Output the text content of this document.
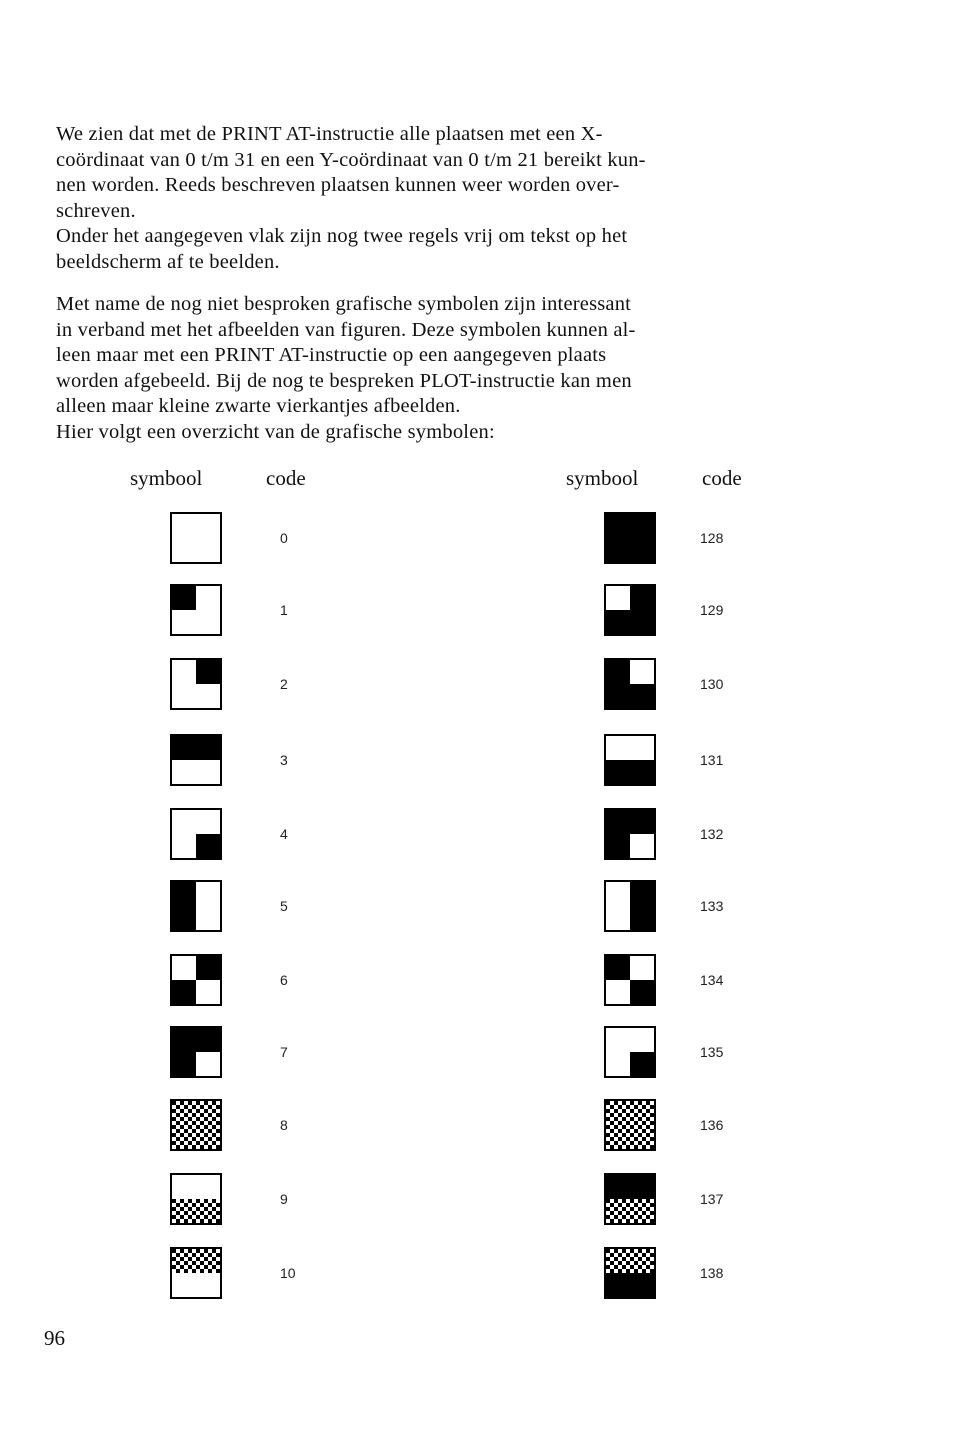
We zien dat met de PRINT AT-instructie alle plaatsen met een X-
coördinaat van 0 t/m 31 en een Y-coördinaat van 0 t/m 21 bereikt kun-
nen worden. Reeds beschreven plaatsen kunnen weer worden over-
schreven.
Onder het aangegeven vlak zijn nog twee regels vrij om tekst op het
beeldscherm af te beelden.

Met name de nog niet besproken grafische symbolen zijn interessant
in verband met het afbeelden van figuren. Deze symbolen kunnen al-
leen maar met een PRINT AT-instructie op een aangegeven plaats
worden afgebeeld. Bij de nog te bespreken PLOT-instructie kan men
alleen maar kleine zwarte vierkantjes afbeelden.
Hier volgt een overzicht van de grafische symbolen:

symbool	code	symbool	code
0	128
1	129
2	130
3	131
4	132
5	133
6	134
7	135
8	136
9	137
10	138
96
